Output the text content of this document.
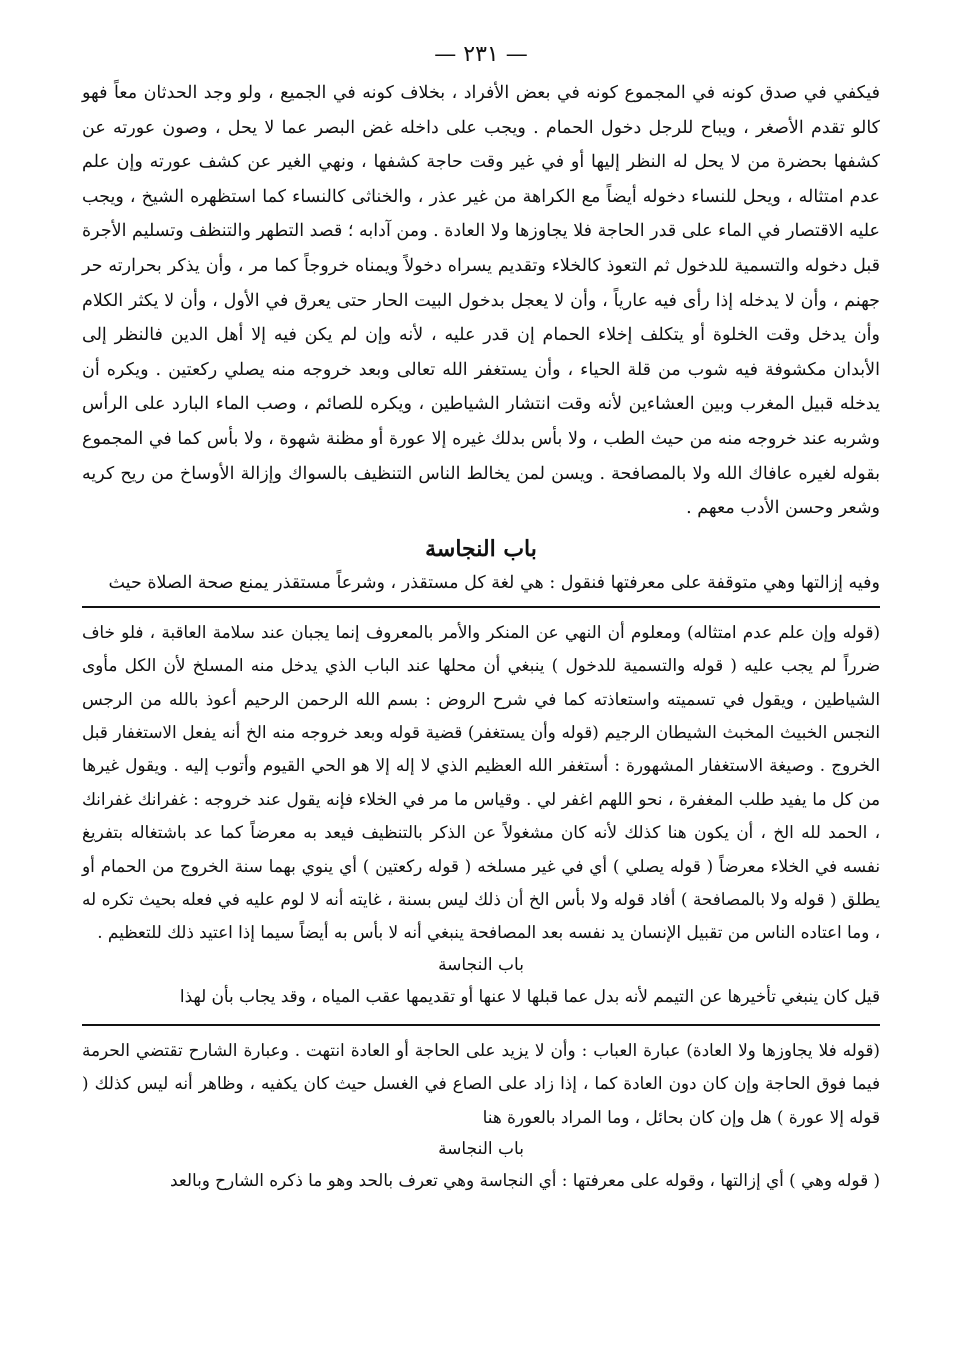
— ٢٣١ —

فيكفي في صدق كونه في المجموع كونه في بعض الأفراد ، بخلاف كونه في الجميع ، ولو وجد الحدثان معاً فهو كالو تقدم الأصغر ، ويباح للرجل دخول الحمام . ويجب على داخله غض البصر عما لا يحل ، وصون عورته عن كشفها بحضرة من لا يحل له النظر إليها أو في غير وقت حاجة كشفها ، ونهي الغير عن كشف عورته وإن علم عدم امتثاله ، ويحل للنساء دخوله أيضاً مع الكراهة من غير عذر ، والخناثى كالنساء كما استظهره الشيخ ، ويجب عليه الاقتصار في الماء على قدر الحاجة فلا يجاوزها ولا العادة . ومن آدابه ؛ قصد التطهر والتنظف وتسليم الأجرة قبل دخوله والتسمية للدخول ثم التعوذ كالخلاء وتقديم يسراه دخولاً ويمناه خروجاً كما مر ، وأن يذكر بحرارته حر جهنم ، وأن لا يدخله إذا رأى فيه عارياً ، وأن لا يعجل بدخول البيت الحار حتى يعرق في الأول ، وأن لا يكثر الكلام وأن يدخل وقت الخلوة أو يتكلف إخلاء الحمام إن قدر عليه ، لأنه وإن لم يكن فيه إلا أهل الدين فالنظر إلى الأبدان مكشوفة فيه شوب من قلة الحياء ، وأن يستغفر الله تعالى وبعد خروجه منه يصلي ركعتين . ويكره أن يدخله قبيل المغرب وبين العشاءين لأنه وقت انتشار الشياطين ، ويكره للصائم ، وصب الماء البارد على الرأس وشربه عند خروجه منه من حيث الطب ، ولا بأس بدلك غيره إلا عورة أو مظنة شهوة ، ولا بأس كما في المجموع بقوله لغيره عافاك الله ولا بالمصافحة . ويسن لمن يخالط الناس التنظيف بالسواك وإزالة الأوساخ من ريح كريه وشعر وحسن الأدب معهم .

باب النجاسة
وفيه إزالتها وهي متوقفة على معرفتها فنقول : هي لغة كل مستقذر ، وشرعاً مستقذر يمنع صحة الصلاة حيث

(قوله وإن علم عدم امتثاله) ومعلوم أن النهي عن المنكر والأمر بالمعروف إنما يجبان عند سلامة العاقبة ، فلو خاف ضرراً لم يجب عليه ( قوله والتسمية للدخول ) ينبغي أن محلها عند الباب الذي يدخل منه المسلخ لأن الكل مأوى الشياطين ، ويقول في تسميته واستعاذته كما في شرح الروض : بسم الله الرحمن الرحيم أعوذ بالله من الرجس النجس الخبيث المخبث الشيطان الرجيم (قوله وأن يستغفر) قضية قوله وبعد خروجه منه الخ أنه يفعل الاستغفار قبل الخروج . وصيغة الاستغفار المشهورة : أستغفر الله العظيم الذي لا إله إلا هو الحي القيوم وأتوب إليه . ويقول غيرها من كل ما يفيد طلب المغفرة ، نحو اللهم اغفر لي . وقياس ما مر في الخلاء فإنه يقول عند خروجه : غفرانك غفرانك ، الحمد لله الخ ، أن يكون هنا كذلك لأنه كان مشغولاً عن الذكر بالتنظيف فيعد به معرضاً كما عد باشتغاله بتفريغ نفسه في الخلاء معرضاً ( قوله يصلي ) أي في غير مسلخه ( قوله ركعتين ) أي ينوي بهما سنة الخروج من الحمام أو يطلق ( قوله ولا بالمصافحة ) أفاد قوله ولا بأس الخ أن ذلك ليس بسنة ، غايته أنه لا لوم عليه في فعله بحيث تكره له ، وما اعتاده الناس من تقبيل الإنسان يد نفسه بعد المصافحة ينبغي أنه لا بأس به أيضاً سيما إذا اعتيد ذلك للتعظيم .

باب النجاسة
قيل كان ينبغي تأخيرها عن التيمم لأنه بدل عما قبلها لا عنها أو تقديمها عقب المياه ، وقد يجاب بأن لهذا

(قوله فلا يجاوزها ولا العادة) عبارة العباب : وأن لا يزيد على الحاجة أو العادة انتهت . وعبارة الشارح تقتضي الحرمة فيما فوق الحاجة وإن كان دون العادة كما ، إذا زاد على الصاع في الغسل حيث كان يكفيه ، وظاهر أنه ليس كذلك ( قوله إلا عورة ) هل وإن كان بحائل ، وما المراد بالعورة هنا

باب النجاسة

( قوله وهي ) أي إزالتها ، وقوله على معرفتها : أي النجاسة وهي تعرف بالحد وهو ما ذكره الشارح وبالعد
